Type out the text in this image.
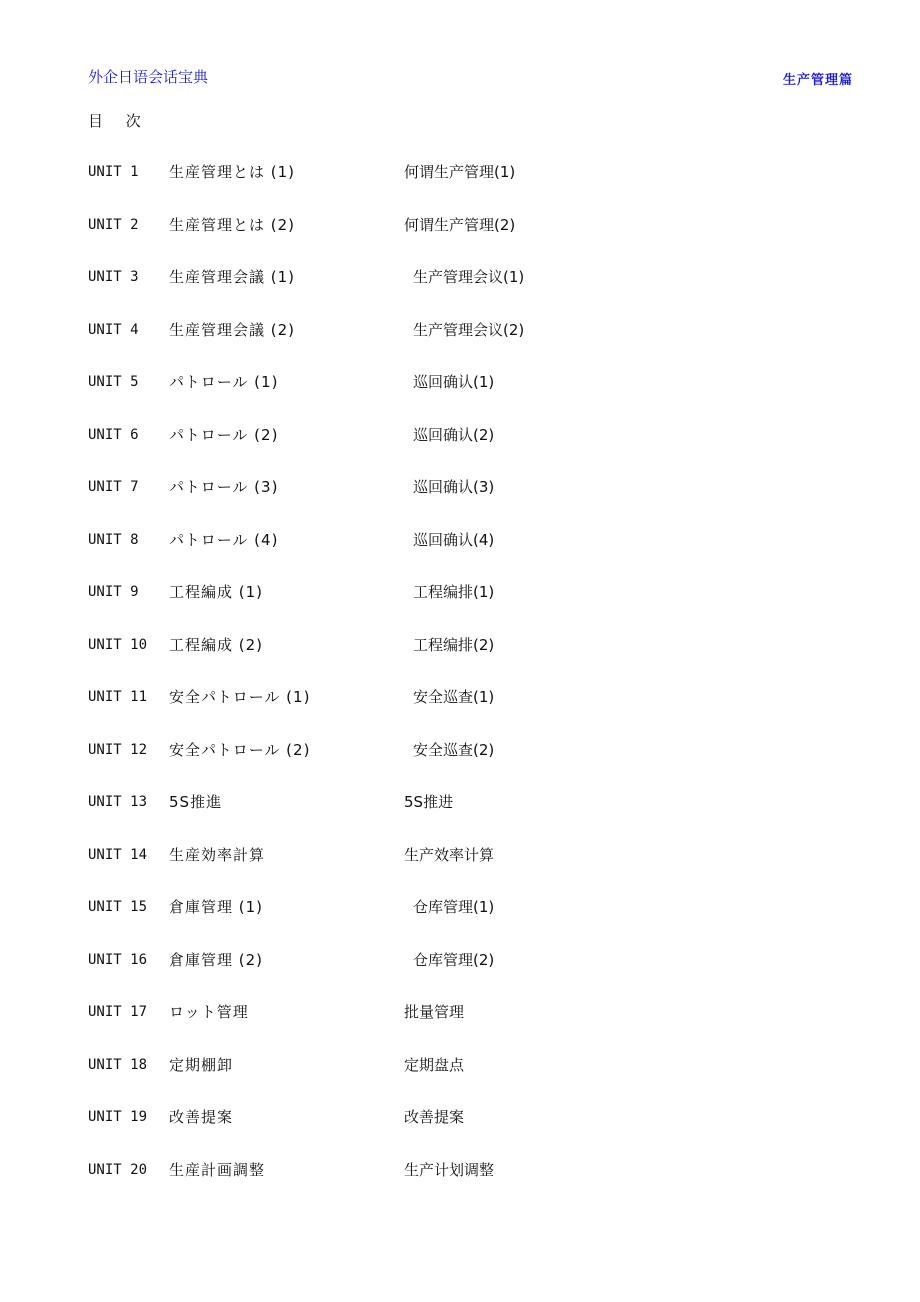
外企日语会话宝典	生产管理篇
目 次
UNIT 1 生産管理とは (1)	何谓生产管理(1)
UNIT 2 生産管理とは (2)	何谓生产管理(2)
UNIT 3 生産管理会議 (1)	生产管理会议(1)
UNIT 4 生産管理会議 (2)	生产管理会议(2)
UNIT 5 パトロール (1)	巡回确认(1)
UNIT 6 パトロール (2)	巡回确认(2)
UNIT 7 パトロール (3)	巡回确认(3)
UNIT 8 パトロール (4)	巡回确认(4)
UNIT 9 工程編成 (1)	工程编排(1)
UNIT 10 工程編成 (2)	工程编排(2)
UNIT 11 安全パトロール (1)	安全巡查(1)
UNIT 12 安全パトロール (2)	安全巡查(2)
UNIT 13 5S推進	5S推进
UNIT 14 生産効率計算	生产效率计算
UNIT 15 倉庫管理 (1)	仓库管理(1)
UNIT 16 倉庫管理 (2)	仓库管理(2)
UNIT 17 ロット管理	批量管理
UNIT 18 定期棚卸	定期盘点
UNIT 19 改善提案	改善提案
UNIT 20 生産計画調整	生产计划调整
